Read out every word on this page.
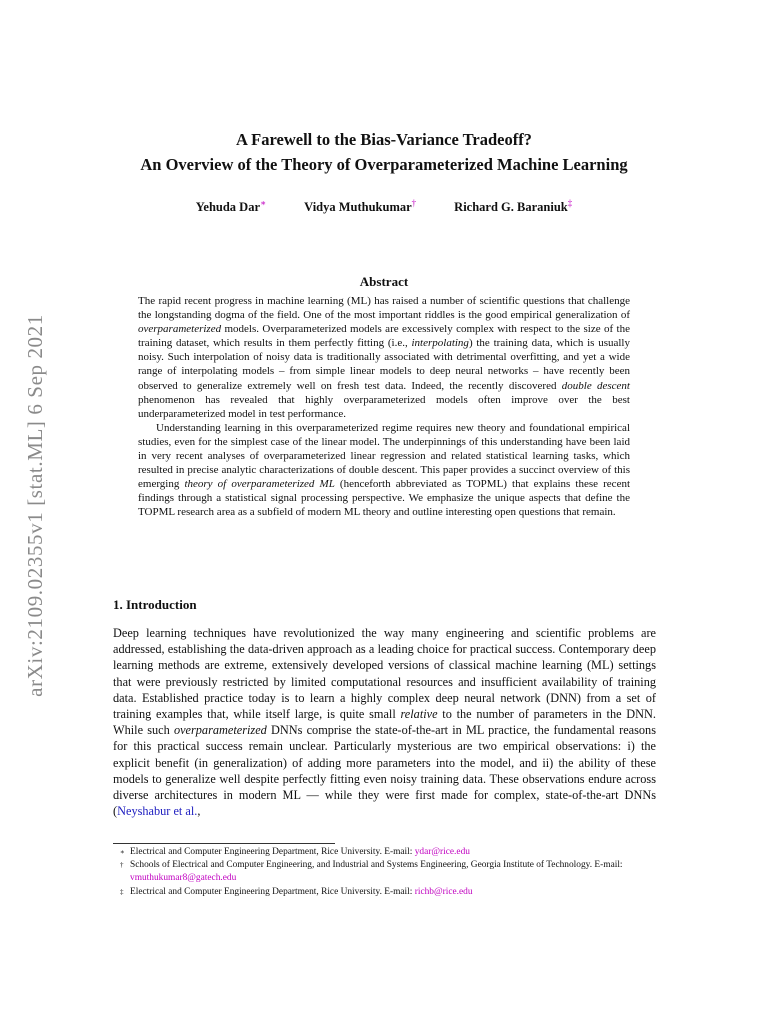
arXiv:2109.02355v1 [stat.ML] 6 Sep 2021
A Farewell to the Bias-Variance Tradeoff?
An Overview of the Theory of Overparameterized Machine Learning
Yehuda Dar∗	Vidya Muthukumar†	Richard G. Baraniuk‡
Abstract

The rapid recent progress in machine learning (ML) has raised a number of scientific questions that challenge the longstanding dogma of the field. One of the most important riddles is the good empirical generalization of overparameterized models. Overparameterized models are excessively complex with respect to the size of the training dataset, which results in them perfectly fitting (i.e., interpolating) the training data, which is usually noisy. Such interpolation of noisy data is traditionally associated with detrimental overfitting, and yet a wide range of interpolating models – from simple linear models to deep neural networks – have recently been observed to generalize extremely well on fresh test data. Indeed, the recently discovered double descent phenomenon has revealed that highly overparameterized models often improve over the best underparameterized model in test performance.

Understanding learning in this overparameterized regime requires new theory and foundational empirical studies, even for the simplest case of the linear model. The underpinnings of this understanding have been laid in very recent analyses of overparameterized linear regression and related statistical learning tasks, which resulted in precise analytic characterizations of double descent. This paper provides a succinct overview of this emerging theory of overparameterized ML (henceforth abbreviated as TOPML) that explains these recent findings through a statistical signal processing perspective. We emphasize the unique aspects that define the TOPML research area as a subfield of modern ML theory and outline interesting open questions that remain.

1. Introduction

Deep learning techniques have revolutionized the way many engineering and scientific problems are addressed, establishing the data-driven approach as a leading choice for practical success. Contemporary deep learning methods are extreme, extensively developed versions of classical machine learning (ML) settings that were previously restricted by limited computational resources and insufficient availability of training data. Established practice today is to learn a highly complex deep neural network (DNN) from a set of training examples that, while itself large, is quite small relative to the number of parameters in the DNN. While such overparameterized DNNs comprise the state-of-the-art in ML practice, the fundamental reasons for this practical success remain unclear. Particularly mysterious are two empirical observations: i) the explicit benefit (in generalization) of adding more parameters into the model, and ii) the ability of these models to generalize well despite perfectly fitting even noisy training data. These observations endure across diverse architectures in modern ML — while they were first made for complex, state-of-the-art DNNs (Neyshabur et al.,

∗ Electrical and Computer Engineering Department, Rice University. E-mail: ydar@rice.edu

† Schools of Electrical and Computer Engineering, and Industrial and Systems Engineering, Georgia Institute of Technology. E-mail: vmuthukumar8@gatech.edu

‡ Electrical and Computer Engineering Department, Rice University. E-mail: richb@rice.edu
